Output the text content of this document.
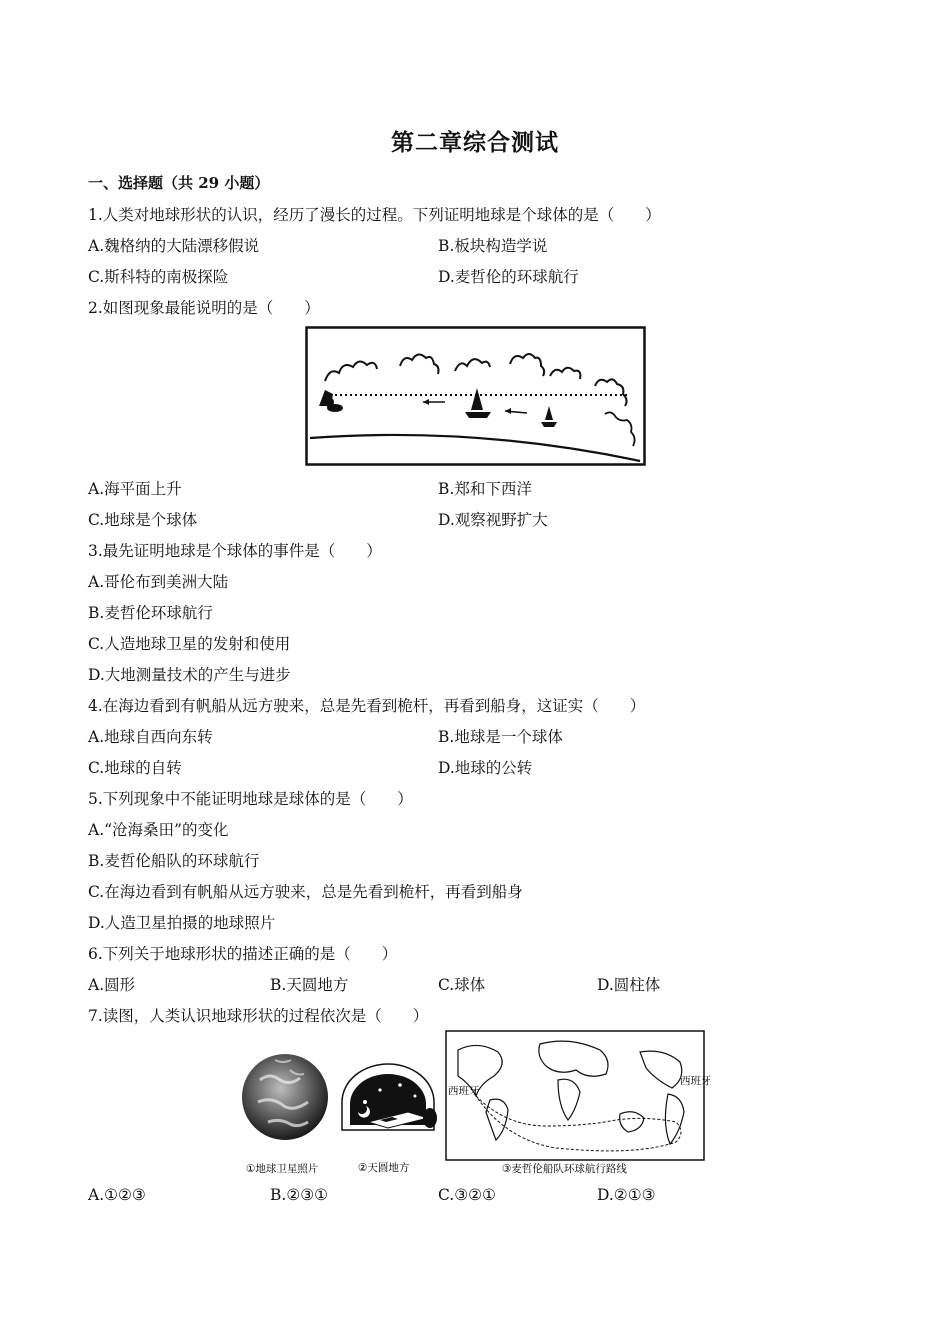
第二章综合测试
一、选择题（共 29 小题）
1.人类对地球形状的认识，经历了漫长的过程。下列证明地球是个球体的是（　　）
A.魏格纳的大陆漂移假说	B.板块构造学说
C.斯科特的南极探险	D.麦哲伦的环球航行
2.如图现象最能说明的是（　　）
A.海平面上升	B.郑和下西洋
C.地球是个球体	D.观察视野扩大
3.最先证明地球是个球体的事件是（　　）
A.哥伦布到美洲大陆
B.麦哲伦环球航行
C.人造地球卫星的发射和使用
D.大地测量技术的产生与进步
4.在海边看到有帆船从远方驶来，总是先看到桅杆，再看到船身，这证实（　　）
A.地球自西向东转	B.地球是一个球体
C.地球的自转	D.地球的公转
5.下列现象中不能证明地球是球体的是（　　）
A.“沧海桑田”的变化
B.麦哲伦船队的环球航行
C.在海边看到有帆船从远方驶来，总是先看到桅杆，再看到船身
D.人造卫星拍摄的地球照片
6.下列关于地球形状的描述正确的是（　　）
A.圆形	B.天圆地方	C.球体	D.圆柱体
7.读图，人类认识地球形状的过程依次是（　　）
西班牙
西班牙
①地球卫星照片	②天圆地方	③麦哲伦船队环球航行路线
A.①②③	B.②③①	C.③②①	D.②①③
